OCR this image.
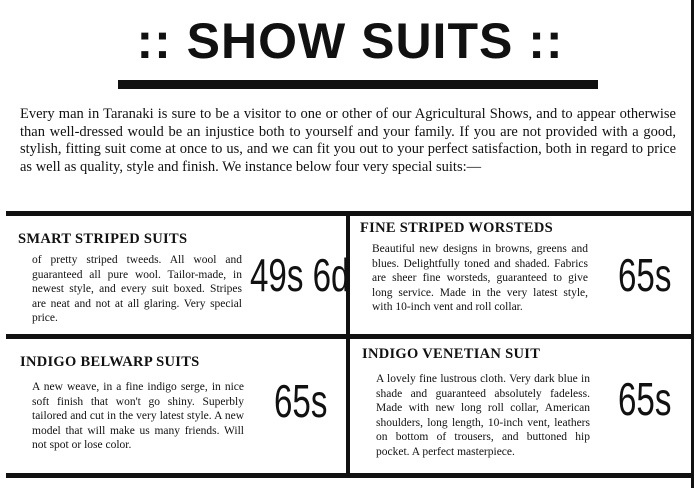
:: SHOW SUITS ::
Every man in Taranaki is sure to be a visitor to one or other of our Agricultural Shows, and to appear otherwise than well-dressed would be an injustice both to yourself and your family. If you are not provided with a good, stylish, fitting suit come at once to us, and we can fit you out to your perfect satisfaction, both in regard to price as well as quality, style and finish. We instance below four very special suits:—
SMART STRIPED SUITS
of pretty striped tweeds. All wool and guaranteed all pure wool. Tailor-made, in newest style, and every suit boxed. Stripes are neat and not at all glaring. Very special price.
49s 6d
FINE STRIPED WORSTEDS
Beautiful new designs in browns, greens and blues. Delightfully toned and shaded. Fabrics are sheer fine worsteds, guaranteed to give long service. Made in the very latest style, with 10-inch vent and roll collar.
65s
INDIGO BELWARP SUITS
A new weave, in a fine indigo serge, in nice soft finish that won't go shiny. Superbly tailored and cut in the very latest style. A new model that will make us many friends. Will not spot or lose color.
65s
INDIGO VENETIAN SUIT
A lovely fine lustrous cloth. Very dark blue in shade and guaranteed absolutely fadeless. Made with new long roll collar, American shoulders, long length, 10-inch vent, leathers on bottom of trousers, and buttoned hip pocket. A perfect masterpiece.
65s
